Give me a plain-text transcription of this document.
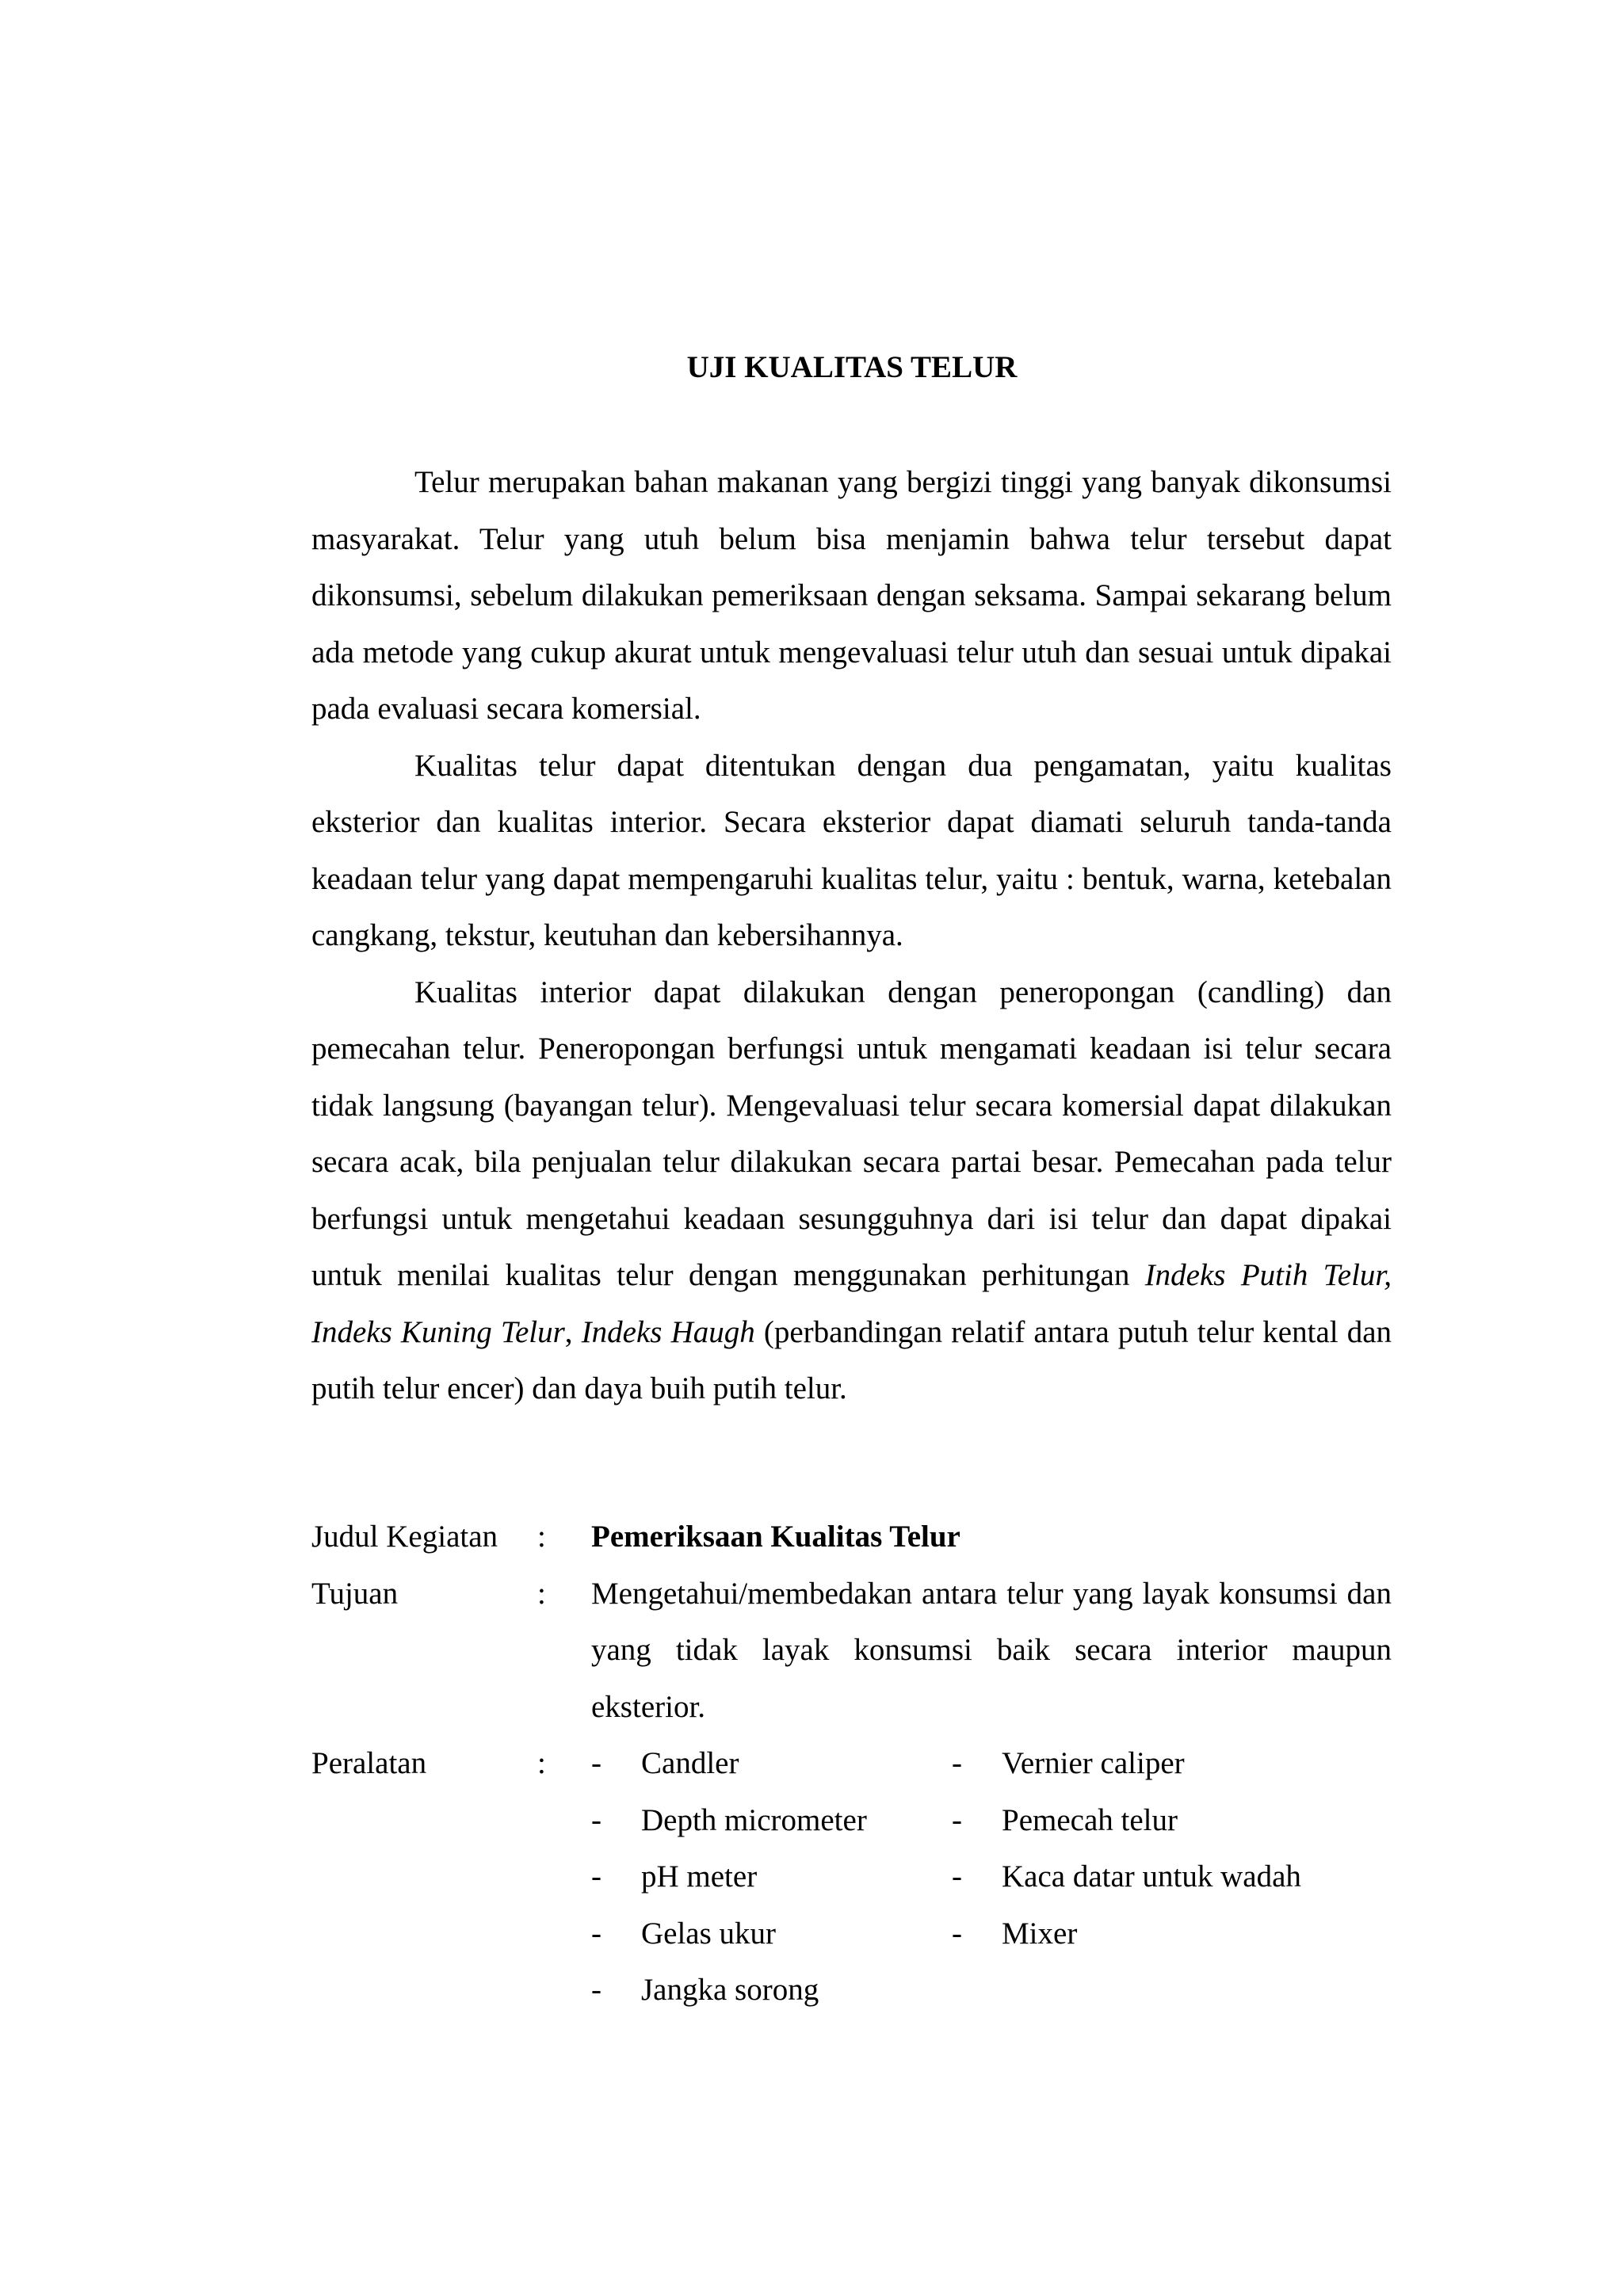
UJI KUALITAS TELUR

Telur merupakan bahan makanan yang bergizi tinggi yang banyak dikonsumsi masyarakat. Telur yang utuh belum bisa menjamin bahwa telur tersebut dapat dikonsumsi, sebelum dilakukan pemeriksaan dengan seksama. Sampai sekarang belum ada metode yang cukup akurat untuk mengevaluasi telur utuh dan sesuai untuk dipakai pada evaluasi secara komersial.

Kualitas telur dapat ditentukan dengan dua pengamatan, yaitu kualitas eksterior dan kualitas interior. Secara eksterior dapat diamati seluruh tanda-tanda keadaan telur yang dapat mempengaruhi kualitas telur, yaitu : bentuk, warna, ketebalan cangkang, tekstur, keutuhan dan kebersihannya.

Kualitas interior dapat dilakukan dengan peneropongan (candling) dan pemecahan telur. Peneropongan berfungsi untuk mengamati keadaan isi telur secara tidak langsung (bayangan telur). Mengevaluasi telur secara komersial dapat dilakukan secara acak, bila penjualan telur dilakukan secara partai besar. Pemecahan pada telur berfungsi untuk mengetahui keadaan sesungguhnya dari isi telur dan dapat dipakai untuk menilai kualitas telur dengan menggunakan perhitungan Indeks Putih Telur, Indeks Kuning Telur, Indeks Haugh (perbandingan relatif antara putuh telur kental dan putih telur encer) dan daya buih putih telur.

Judul Kegiatan	:	Pemeriksaan Kualitas Telur
Tujuan	:	Mengetahui/membedakan antara telur yang layak konsumsi dan yang tidak layak konsumsi baik secara interior maupun eksterior.
Peralatan	:	-	Candler	-	Vernier caliper
-	Depth micrometer	-	Pemecah telur
-	pH meter	-	Kaca datar untuk wadah
-	Gelas ukur	-	Mixer
-	Jangka sorong
